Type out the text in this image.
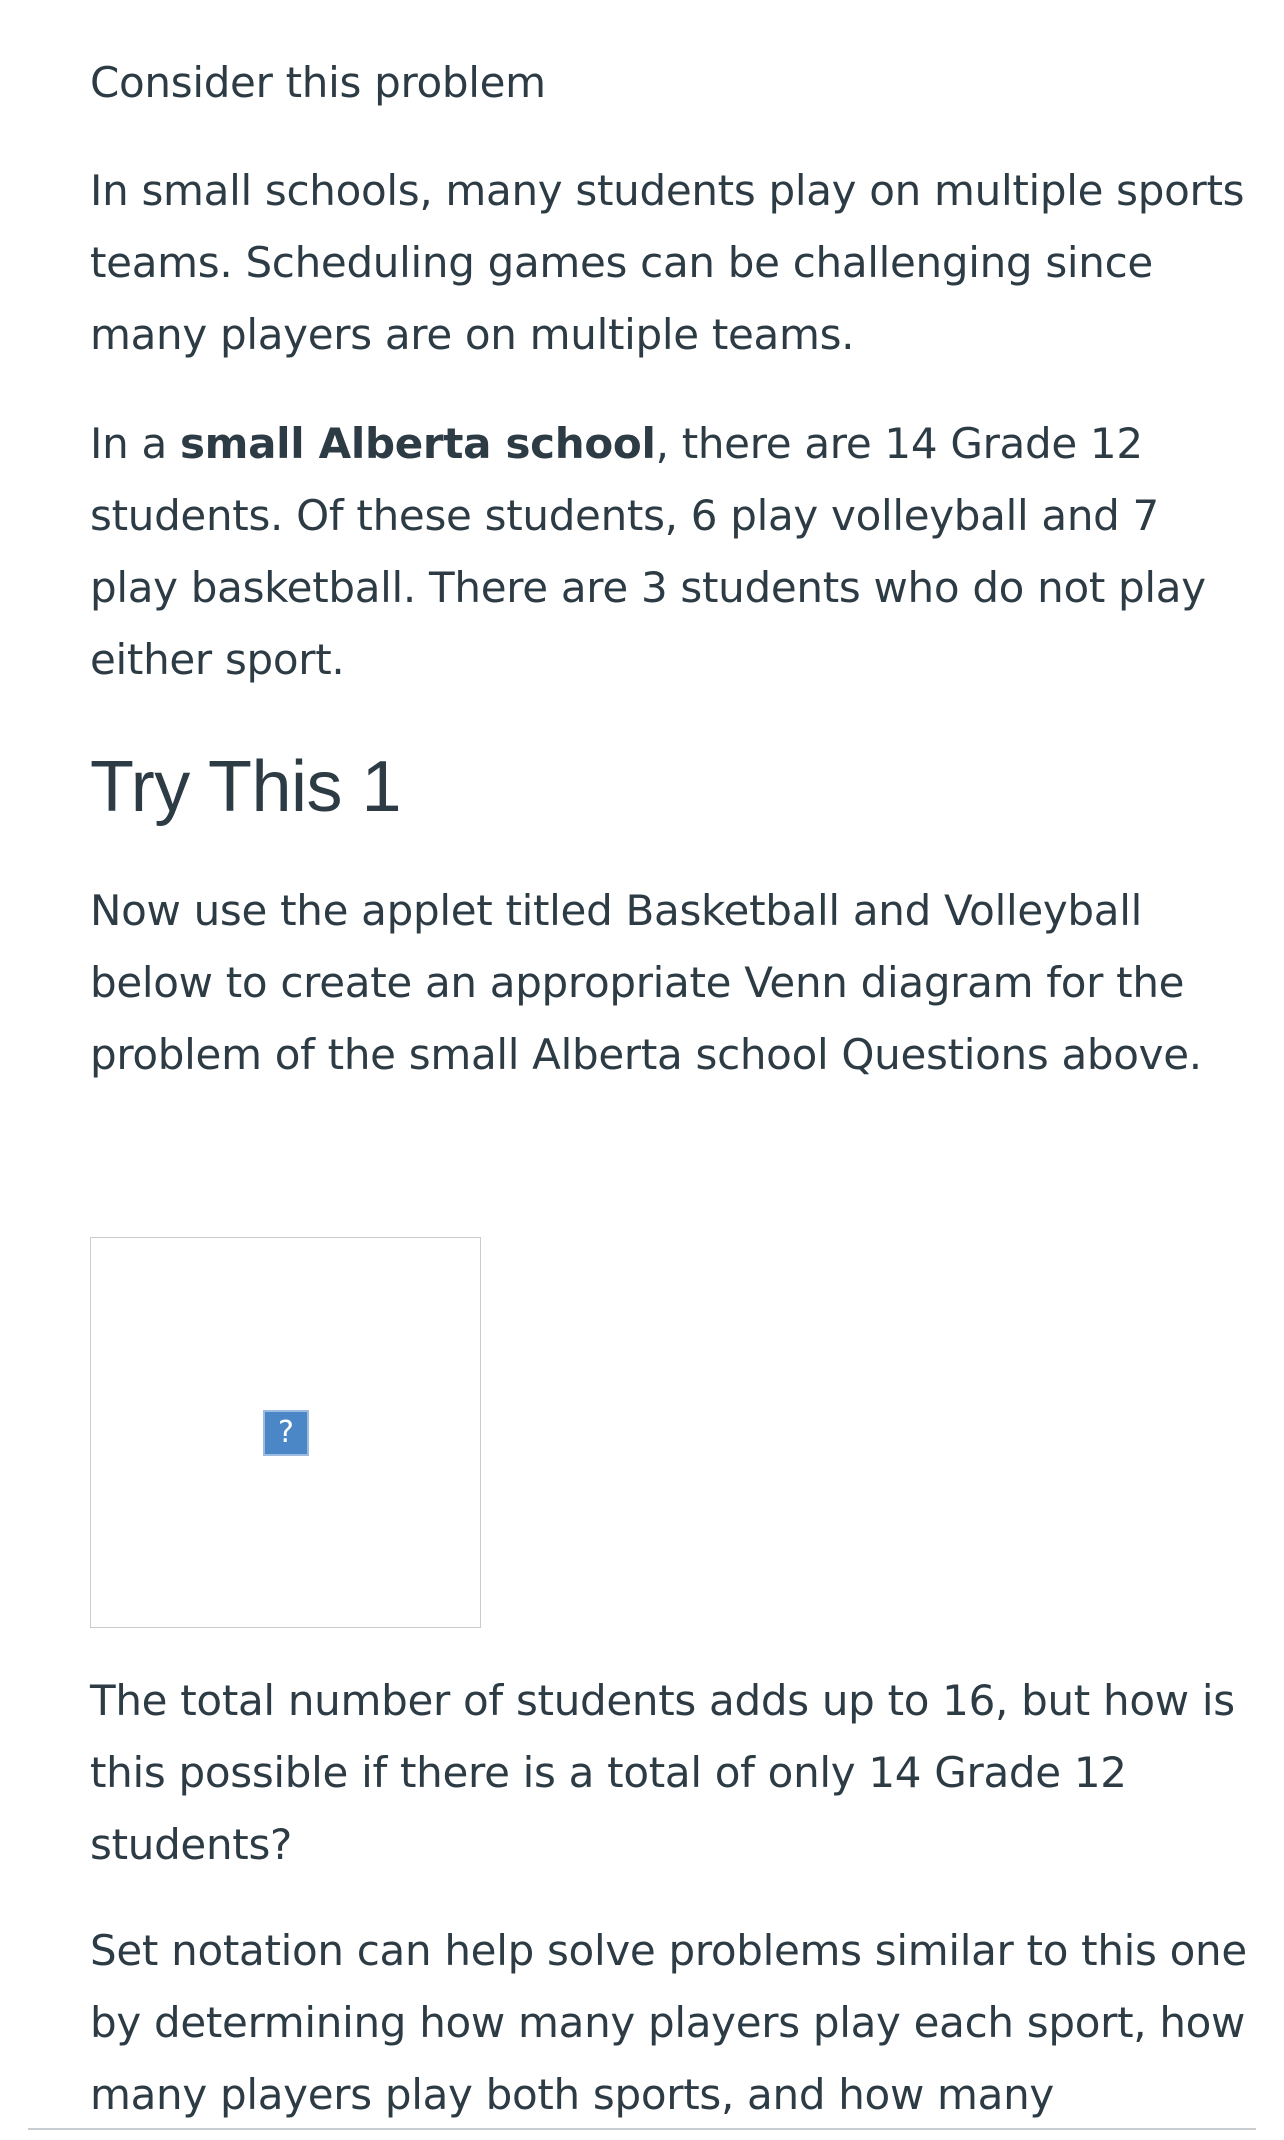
Consider this problem

In small schools, many students play on multiple sports teams. Scheduling games can be challenging since many players are on multiple teams.

In a small Alberta school, there are 14 Grade 12 students. Of these students, 6 play volleyball and 7 play basketball. There are 3 students who do not play either sport.

Try This 1

Now use the applet titled Basketball and Volleyball below to create an appropriate Venn diagram for the problem of the small Alberta school Questions above.

?

The total number of students adds up to 16, but how is this possible if there is a total of only 14 Grade 12 students?

Set notation can help solve problems similar to this one by determining how many players play each sport, how many players play both sports, and how many
